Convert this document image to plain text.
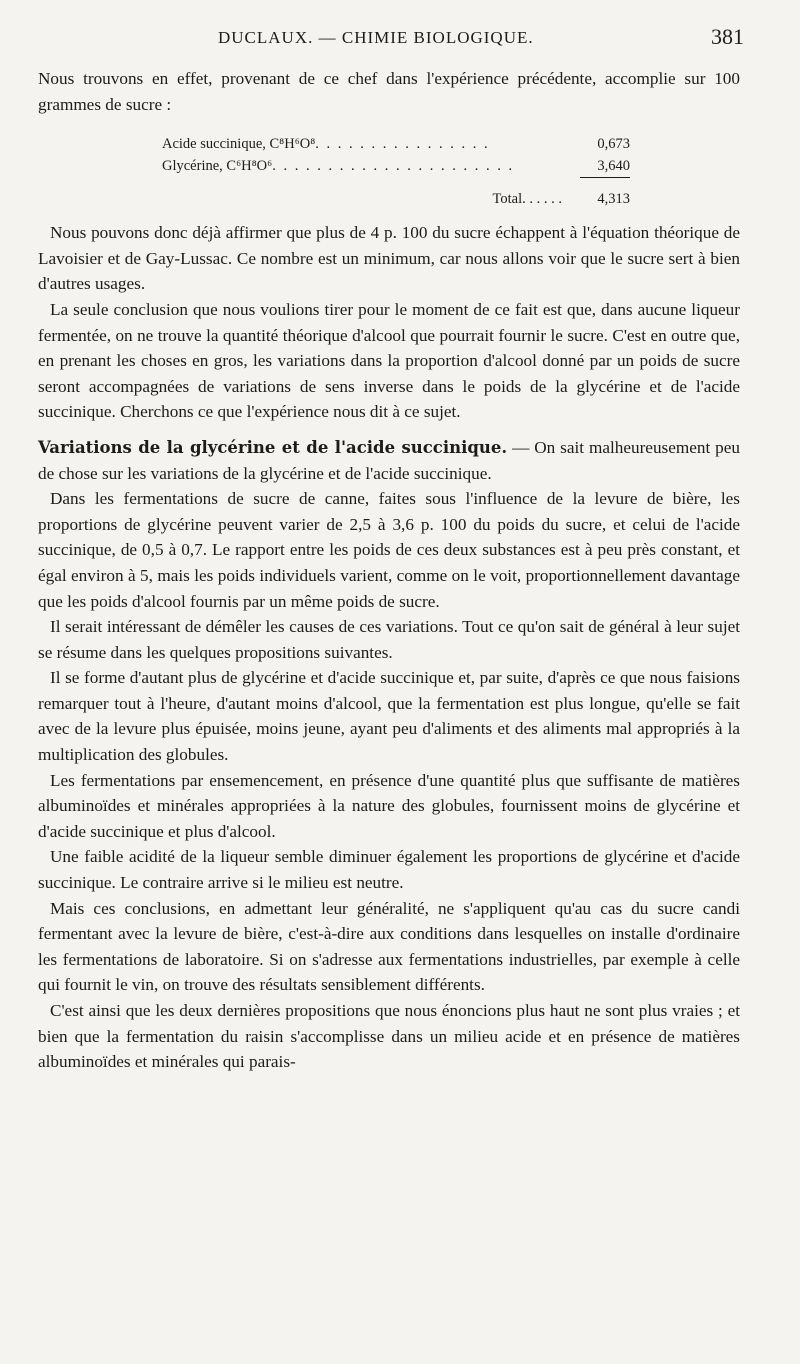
DUCLAUX. — CHIMIE BIOLOGIQUE.	381

Nous trouvons en effet, provenant de ce chef dans l'expérience précédente, accomplie sur 100 grammes de sucre :

Acide succinique, C⁸H⁶O⁸. . . . . . . . . . . . . . . .	0,673
Glycérine, C⁶H⁸O⁶. . . . . . . . . . . . . . . . . . . . . .	3,640
Total. . . . . .	4,313

Nous pouvons donc déjà affirmer que plus de 4 p. 100 du sucre échappent à l'équation théorique de Lavoisier et de Gay-Lussac. Ce nombre est un minimum, car nous allons voir que le sucre sert à bien d'autres usages.

La seule conclusion que nous voulions tirer pour le moment de ce fait est que, dans aucune liqueur fermentée, on ne trouve la quantité théorique d'alcool que pourrait fournir le sucre. C'est en outre que, en prenant les choses en gros, les variations dans la proportion d'alcool donné par un poids de sucre seront accompagnées de variations de sens inverse dans le poids de la glycérine et de l'acide succinique. Cherchons ce que l'expérience nous dit à ce sujet.

Variations de la glycérine et de l'acide succinique. — On sait malheureusement peu de chose sur les variations de la glycérine et de l'acide succinique.

Dans les fermentations de sucre de canne, faites sous l'influence de la levure de bière, les proportions de glycérine peuvent varier de 2,5 à 3,6 p. 100 du poids du sucre, et celui de l'acide succinique, de 0,5 à 0,7. Le rapport entre les poids de ces deux substances est à peu près constant, et égal environ à 5, mais les poids individuels varient, comme on le voit, proportionnellement davantage que les poids d'alcool fournis par un même poids de sucre.

Il serait intéressant de démêler les causes de ces variations. Tout ce qu'on sait de général à leur sujet se résume dans les quelques propositions suivantes.

Il se forme d'autant plus de glycérine et d'acide succinique et, par suite, d'après ce que nous faisions remarquer tout à l'heure, d'autant moins d'alcool, que la fermentation est plus longue, qu'elle se fait avec de la levure plus épuisée, moins jeune, ayant peu d'aliments et des aliments mal appropriés à la multiplication des globules.

Les fermentations par ensemencement, en présence d'une quantité plus que suffisante de matières albuminoïdes et minérales appropriées à la nature des globules, fournissent moins de glycérine et d'acide succinique et plus d'alcool.

Une faible acidité de la liqueur semble diminuer également les proportions de glycérine et d'acide succinique. Le contraire arrive si le milieu est neutre.

Mais ces conclusions, en admettant leur généralité, ne s'appliquent qu'au cas du sucre candi fermentant avec la levure de bière, c'est-à-dire aux conditions dans lesquelles on installe d'ordinaire les fermentations de laboratoire. Si on s'adresse aux fermentations industrielles, par exemple à celle qui fournit le vin, on trouve des résultats sensiblement différents.

C'est ainsi que les deux dernières propositions que nous énoncions plus haut ne sont plus vraies ; et bien que la fermentation du raisin s'accomplisse dans un milieu acide et en présence de matières albuminoïdes et minérales qui parais-
